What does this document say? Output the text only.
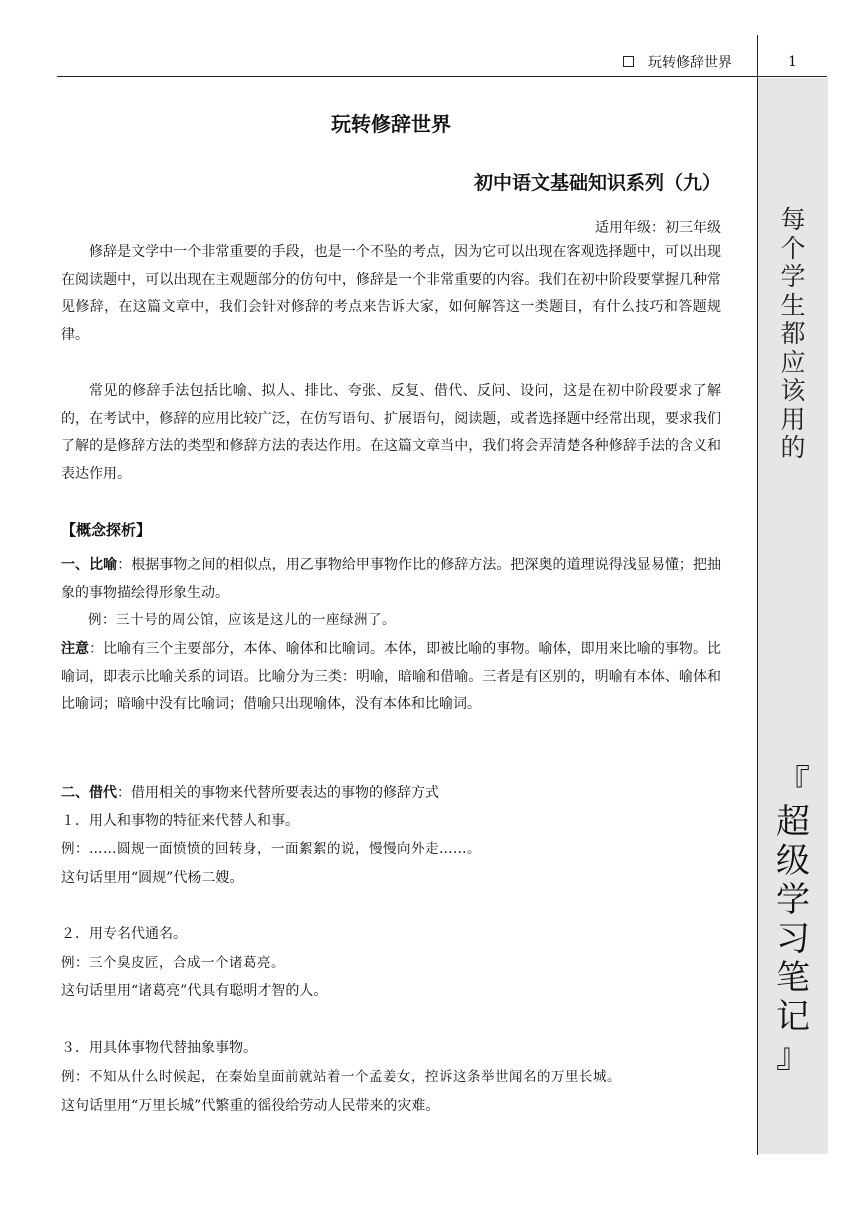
玩转修辞世界	1
每
个
学
生
都
应
该
用
的
『
超
级
学
习
笔
记
』
玩转修辞世界
初中语文基础知识系列（九）
适用年级：初三年级
修辞是文学中一个非常重要的手段，也是一个不坠的考点，因为它可以出现在客观选择题中，可以出现在阅读题中，可以出现在主观题部分的仿句中，修辞是一个非常重要的内容。我们在初中阶段要掌握几种常见修辞，在这篇文章中，我们会针对修辞的考点来告诉大家，如何解答这一类题目，有什么技巧和答题规律。
常见的修辞手法包括比喻、拟人、排比、夸张、反复、借代、反问、设问，这是在初中阶段要求了解的，在考试中，修辞的应用比较广泛，在仿写语句、扩展语句，阅读题，或者选择题中经常出现，要求我们了解的是修辞方法的类型和修辞方法的表达作用。在这篇文章当中，我们将会弄清楚各种修辞手法的含义和表达作用。
【概念探析】
一、比喻：根据事物之间的相似点，用乙事物给甲事物作比的修辞方法。把深奥的道理说得浅显易懂；把抽象的事物描绘得形象生动。
例：三十号的周公馆，应该是这儿的一座绿洲了。
注意：比喻有三个主要部分，本体、喻体和比喻词。本体，即被比喻的事物。喻体，即用来比喻的事物。比喻词，即表示比喻关系的词语。比喻分为三类：明喻，暗喻和借喻。三者是有区别的，明喻有本体、喻体和比喻词；暗喻中没有比喻词；借喻只出现喻体，没有本体和比喻词。
二、借代：借用相关的事物来代替所要表达的事物的修辞方式
１．用人和事物的特征来代替人和事。
例：……圆规一面愤愤的回转身，一面絮絮的说，慢慢向外走……。
这句话里用“圆规”代杨二嫂。
２．用专名代通名。
例：三个臭皮匠，合成一个诸葛亮。
这句话里用“诸葛亮”代具有聪明才智的人。
３．用具体事物代替抽象事物。
例：不知从什么时候起，在秦始皇面前就站着一个孟姜女，控诉这条举世闻名的万里长城。
这句话里用“万里长城”代繁重的徭役给劳动人民带来的灾难。
